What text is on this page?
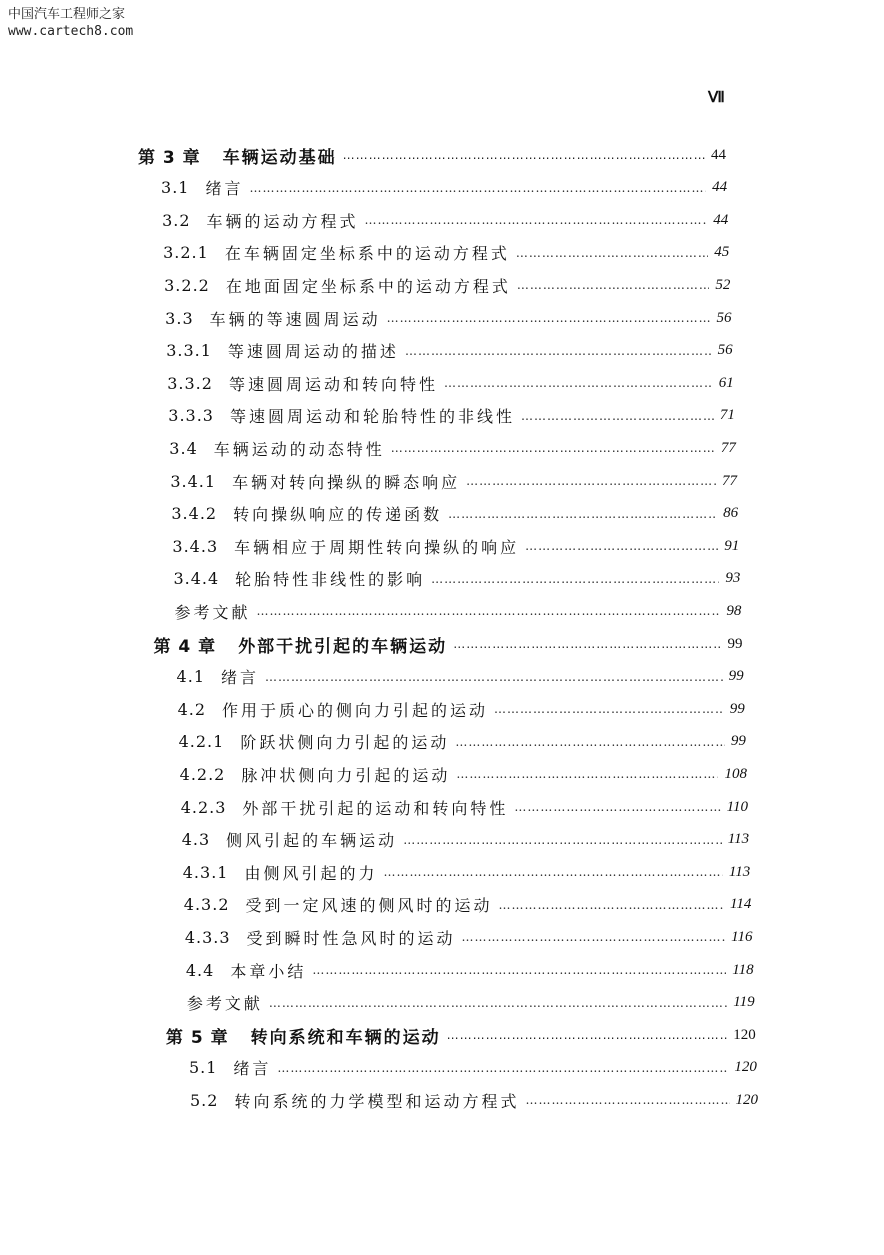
中国汽车工程师之家
www.cartech8.com
Ⅶ
第 3 章 车辆运动基础 ……………………………………………………………………………………………………………………………………………………………	44
3.1 绪言 ……………………………………………………………………………………………………………………………………………………………	44
3.2 车辆的运动方程式 ……………………………………………………………………………………………………………………………………………………………	44
3.2.1 在车辆固定坐标系中的运动方程式 ……………………………………………………………………………………………………………………………………………………………	45
3.2.2 在地面固定坐标系中的运动方程式 ……………………………………………………………………………………………………………………………………………………………	52
3.3 车辆的等速圆周运动 ……………………………………………………………………………………………………………………………………………………………	56
3.3.1 等速圆周运动的描述 ……………………………………………………………………………………………………………………………………………………………	56
3.3.2 等速圆周运动和转向特性 ……………………………………………………………………………………………………………………………………………………………	61
3.3.3 等速圆周运动和轮胎特性的非线性 ……………………………………………………………………………………………………………………………………………………………	71
3.4 车辆运动的动态特性 ……………………………………………………………………………………………………………………………………………………………	77
3.4.1 车辆对转向操纵的瞬态响应 ……………………………………………………………………………………………………………………………………………………………	77
3.4.2 转向操纵响应的传递函数 ……………………………………………………………………………………………………………………………………………………………	86
3.4.3 车辆相应于周期性转向操纵的响应 ……………………………………………………………………………………………………………………………………………………………	91
3.4.4 轮胎特性非线性的影响 ……………………………………………………………………………………………………………………………………………………………	93
参考文献 ……………………………………………………………………………………………………………………………………………………………	98
第 4 章 外部干扰引起的车辆运动 ……………………………………………………………………………………………………………………………………………………………	99
4.1 绪言 ……………………………………………………………………………………………………………………………………………………………	99
4.2 作用于质心的侧向力引起的运动 ……………………………………………………………………………………………………………………………………………………………	99
4.2.1 阶跃状侧向力引起的运动 ……………………………………………………………………………………………………………………………………………………………	99
4.2.2 脉冲状侧向力引起的运动 ……………………………………………………………………………………………………………………………………………………………	108
4.2.3 外部干扰引起的运动和转向特性 ……………………………………………………………………………………………………………………………………………………………	110
4.3 侧风引起的车辆运动 ……………………………………………………………………………………………………………………………………………………………	113
4.3.1 由侧风引起的力 ……………………………………………………………………………………………………………………………………………………………	113
4.3.2 受到一定风速的侧风时的运动 ……………………………………………………………………………………………………………………………………………………………	114
4.3.3 受到瞬时性急风时的运动 ……………………………………………………………………………………………………………………………………………………………	116
4.4 本章小结 ……………………………………………………………………………………………………………………………………………………………	118
参考文献 ……………………………………………………………………………………………………………………………………………………………	119
第 5 章 转向系统和车辆的运动 ……………………………………………………………………………………………………………………………………………………………	120
5.1 绪言 ……………………………………………………………………………………………………………………………………………………………	120
5.2 转向系统的力学模型和运动方程式 ……………………………………………………………………………………………………………………………………………………………	120
